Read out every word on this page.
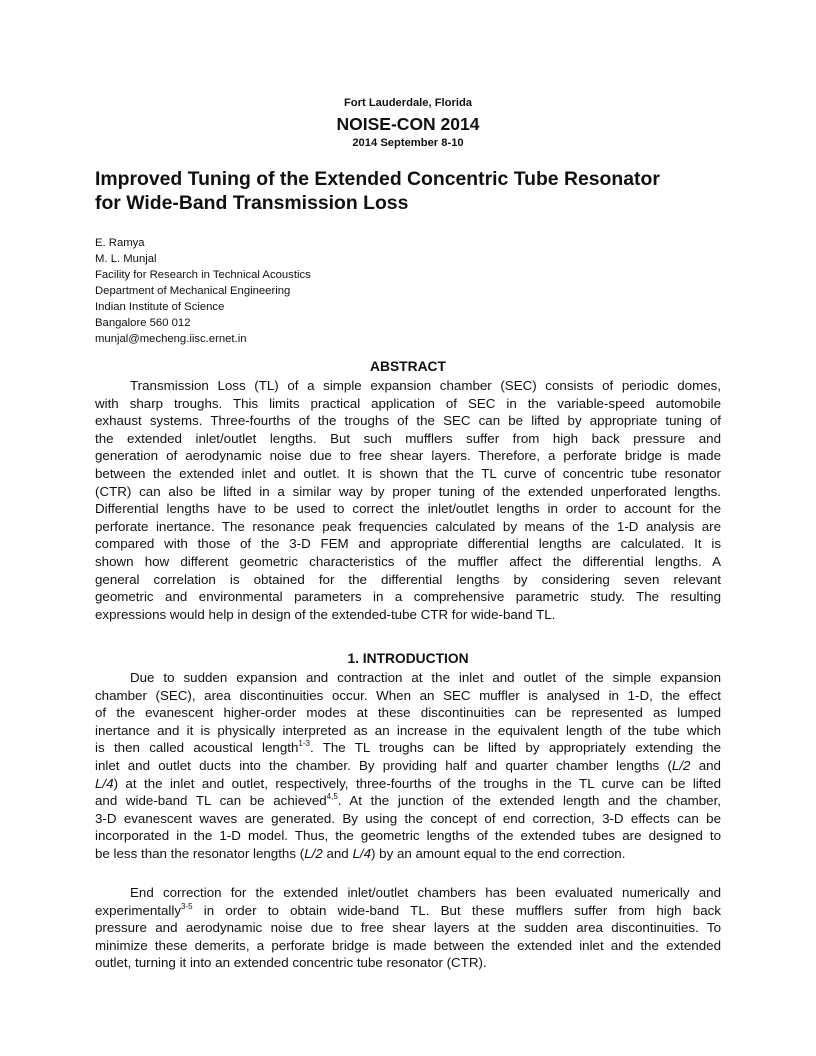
Fort Lauderdale, Florida
NOISE-CON 2014
2014 September 8-10
Improved Tuning of the Extended Concentric Tube Resonator
for Wide-Band Transmission Loss
E. Ramya
M. L. Munjal
Facility for Research in Technical Acoustics
Department of Mechanical Engineering
Indian Institute of Science
Bangalore 560 012
munjal@mecheng.iisc.ernet.in
ABSTRACT
Transmission Loss (TL) of a simple expansion chamber (SEC) consists of periodic domes,
with sharp troughs. This limits practical application of SEC in the variable-speed automobile
exhaust systems. Three-fourths of the troughs of the SEC can be lifted by appropriate tuning of
the extended inlet/outlet lengths. But such mufflers suffer from high back pressure and
generation of aerodynamic noise due to free shear layers. Therefore, a perforate bridge is made
between the extended inlet and outlet. It is shown that the TL curve of concentric tube resonator
(CTR) can also be lifted in a similar way by proper tuning of the extended unperforated lengths.
Differential lengths have to be used to correct the inlet/outlet lengths in order to account for the
perforate inertance. The resonance peak frequencies calculated by means of the 1-D analysis are
compared with those of the 3-D FEM and appropriate differential lengths are calculated. It is
shown how different geometric characteristics of the muffler affect the differential lengths. A
general correlation is obtained for the differential lengths by considering seven relevant
geometric and environmental parameters in a comprehensive parametric study. The resulting
expressions would help in design of the extended-tube CTR for wide-band TL.
1. INTRODUCTION
Due to sudden expansion and contraction at the inlet and outlet of the simple expansion
chamber (SEC), area discontinuities occur. When an SEC muffler is analysed in 1-D, the effect
of the evanescent higher-order modes at these discontinuities can be represented as lumped
inertance and it is physically interpreted as an increase in the equivalent length of the tube which
is then called acoustical length$^{1-3}$. The TL troughs can be lifted by appropriately extending the
inlet and outlet ducts into the chamber. By providing half and quarter chamber lengths (L/2 and
L/4) at the inlet and outlet, respectively, three-fourths of the troughs in the TL curve can be lifted
and wide-band TL can be achieved$^{4,5}$. At the junction of the extended length and the chamber,
3-D evanescent waves are generated. By using the concept of end correction, 3-D effects can be
incorporated in the 1-D model. Thus, the geometric lengths of the extended tubes are designed to
be less than the resonator lengths (L/2 and L/4) by an amount equal to the end correction.
End correction for the extended inlet/outlet chambers has been evaluated numerically and
experimentally$^{3-5}$ in order to obtain wide-band TL. But these mufflers suffer from high back
pressure and aerodynamic noise due to free shear layers at the sudden area discontinuities. To
minimize these demerits, a perforate bridge is made between the extended inlet and the extended
outlet, turning it into an extended concentric tube resonator (CTR).
